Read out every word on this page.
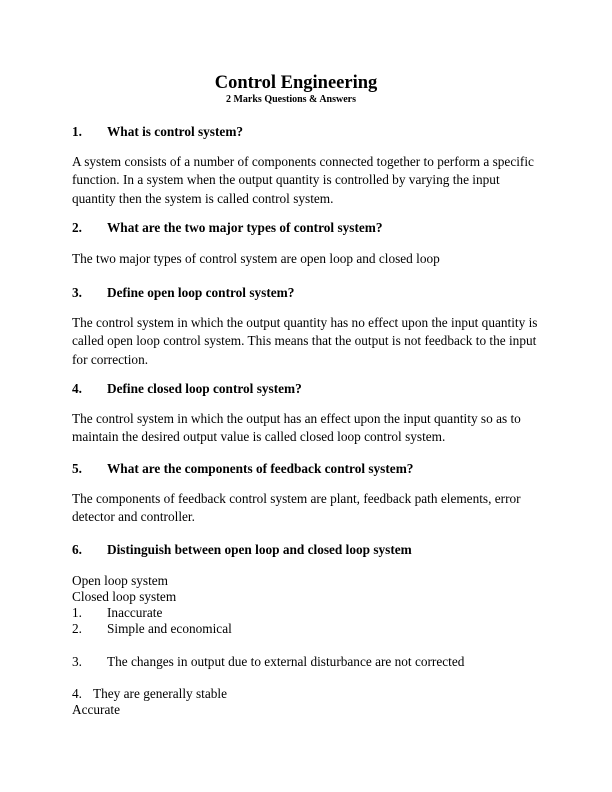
Control Engineering
2 Marks Questions & Answers
1. What is control system?
A system consists of a number of components connected together to perform a specific function. In a system when the output quantity is controlled by varying the input quantity then the system is called control system.
2. What are the two major types of control system?
The two major types of control system are open loop and closed loop
3. Define open loop control system?
The control system in which the output quantity has no effect upon the input quantity is called open loop control system. This means that the output is not feedback to the input for correction.
4. Define closed loop control system?
The control system in which the output has an effect upon the input quantity so as to maintain the desired output value is called closed loop control system.
5. What are the components of feedback control system?
The components of feedback control system are plant, feedback path elements, error detector and controller.
6. Distinguish between open loop and closed loop system
Open loop system
Closed loop system
1. Inaccurate
2. Simple and economical
3. The changes in output due to external disturbance are not corrected
4. They are generally stable
Accurate
